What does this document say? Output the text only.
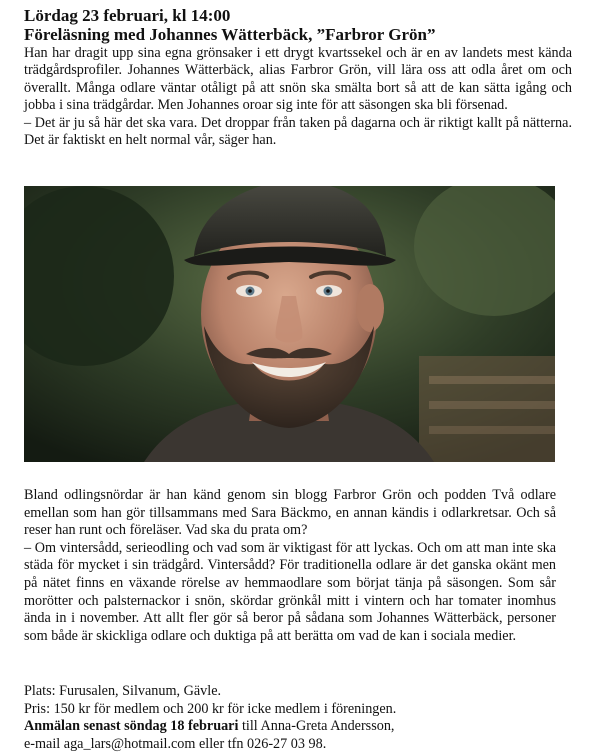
Lördag 23 februari, kl 14:00
Föreläsning med Johannes Wätterbäck, ”Farbror Grön”

Han har dragit upp sina egna grönsaker i ett drygt kvartssekel och är en av landets mest kända trädgårdsprofiler. Johannes Wätterbäck, alias Farbror Grön, vill lära oss att odla året om och överallt. Många odlare väntar otåligt på att snön ska smälta bort så att de kan sätta igång och jobba i sina trädgårdar. Men Johannes oroar sig inte för att säsongen ska bli försenad.

– Det är ju så här det ska vara. Det droppar från taken på dagarna och är riktigt kallt på nätterna. Det är faktiskt en helt normal vår, säger han.

Bland odlingsnördar är han känd genom sin blogg Farbror Grön och podden Två odlare emellan som han gör tillsammans med Sara Bäckmo, en annan kändis i odlarkretsar. Och så reser han runt och föreläser. Vad ska du prata om?

– Om vintersådd, serieodling och vad som är viktigast för att lyckas. Och om att man inte ska städa för mycket i sin trädgård. Vintersådd? För traditionella odlare är det ganska okänt men på nätet finns en växande rörelse av hemmaodlare som börjat tänja på säsongen. Som sår morötter och palsternackor i snön, skördar grönkål mitt i vintern och har tomater inomhus ända in i november. Att allt fler gör så beror på sådana som Johannes Wätterbäck, personer som både är skickliga odlare och duktiga på att berätta om vad de kan i sociala medier.

Plats: Furusalen, Silvanum, Gävle.

Pris: 150 kr för medlem och 200 kr för icke medlem i föreningen.

Anmälan senast söndag 18 februari till Anna-Greta Andersson,

e-mail aga_lars@hotmail.com eller tfn 026-27 03 98.
